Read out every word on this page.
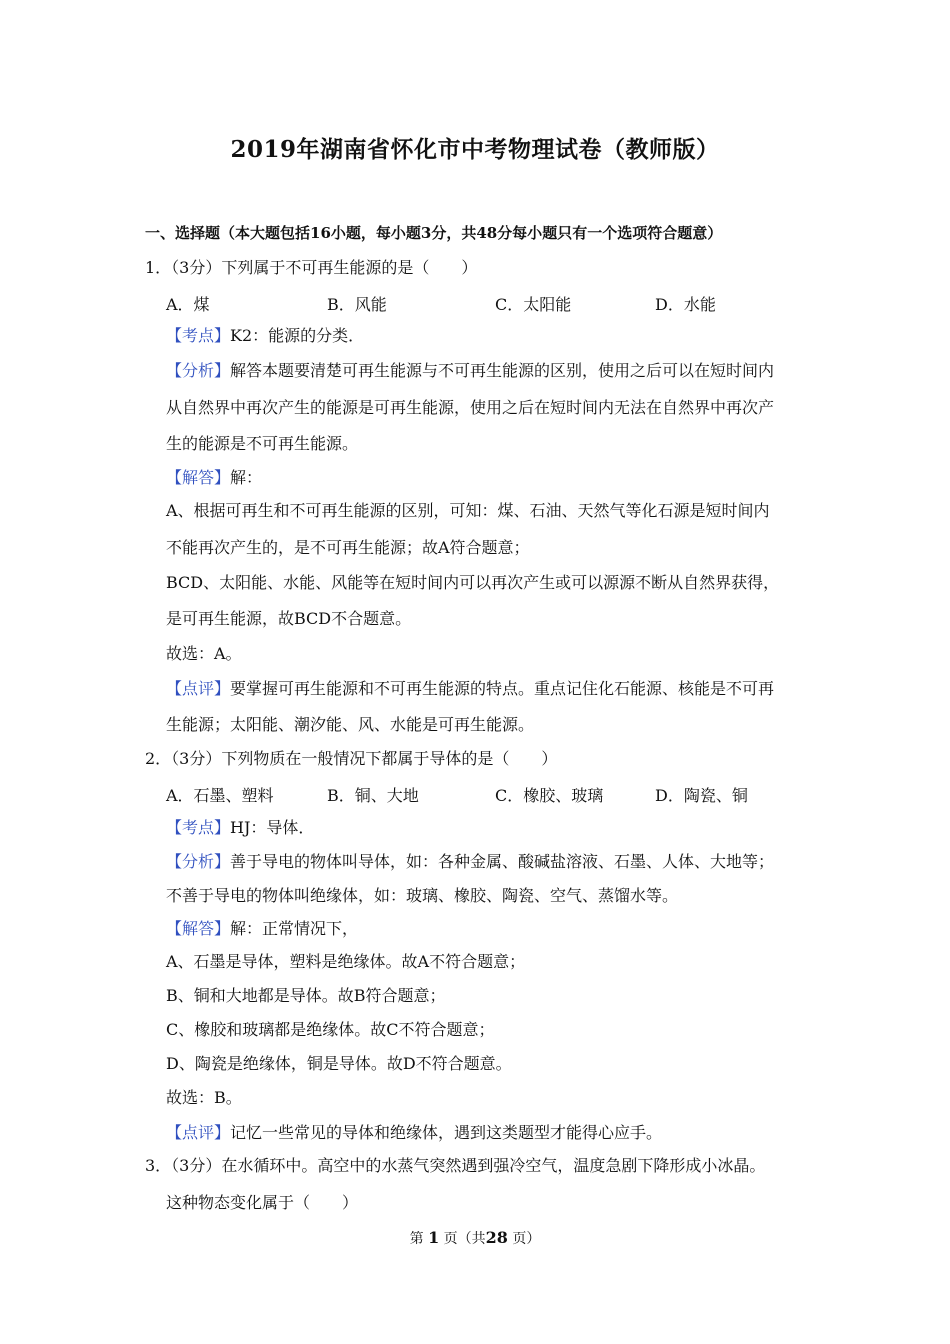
2019年湖南省怀化市中考物理试卷（教师版）
一、选择题（本大题包括16小题，每小题3分，共48分每小题只有一个选项符合题意）
1．（3分）下列属于不可再生能源的是（　　）
A．煤	B．风能	C．太阳能	D．水能
【考点】K2：能源的分类．
【分析】解答本题要清楚可再生能源与不可再生能源的区别，使用之后可以在短时间内
从自然界中再次产生的能源是可再生能源，使用之后在短时间内无法在自然界中再次产
生的能源是不可再生能源。
【解答】解：
A、根据可再生和不可再生能源的区别，可知：煤、石油、天然气等化石源是短时间内
不能再次产生的，是不可再生能源；故A符合题意；
BCD、太阳能、水能、风能等在短时间内可以再次产生或可以源源不断从自然界获得，
是可再生能源，故BCD不合题意。
故选：A。
【点评】要掌握可再生能源和不可再生能源的特点。重点记住化石能源、核能是不可再
生能源；太阳能、潮汐能、风、水能是可再生能源。
2．（3分）下列物质在一般情况下都属于导体的是（　　）
A．石墨、塑料	B．铜、大地	C．橡胶、玻璃	D．陶瓷、铜
【考点】HJ：导体．
【分析】善于导电的物体叫导体，如：各种金属、酸碱盐溶液、石墨、人体、大地等；
不善于导电的物体叫绝缘体，如：玻璃、橡胶、陶瓷、空气、蒸馏水等。
【解答】解：正常情况下，
A、石墨是导体，塑料是绝缘体。故A不符合题意；
B、铜和大地都是导体。故B符合题意；
C、橡胶和玻璃都是绝缘体。故C不符合题意；
D、陶瓷是绝缘体，铜是导体。故D不符合题意。
故选：B。
【点评】记忆一些常见的导体和绝缘体，遇到这类题型才能得心应手。
3．（3分）在水循环中。高空中的水蒸气突然遇到强冷空气，温度急剧下降形成小冰晶。
这种物态变化属于（　　）
第 1 页（共28 页）
